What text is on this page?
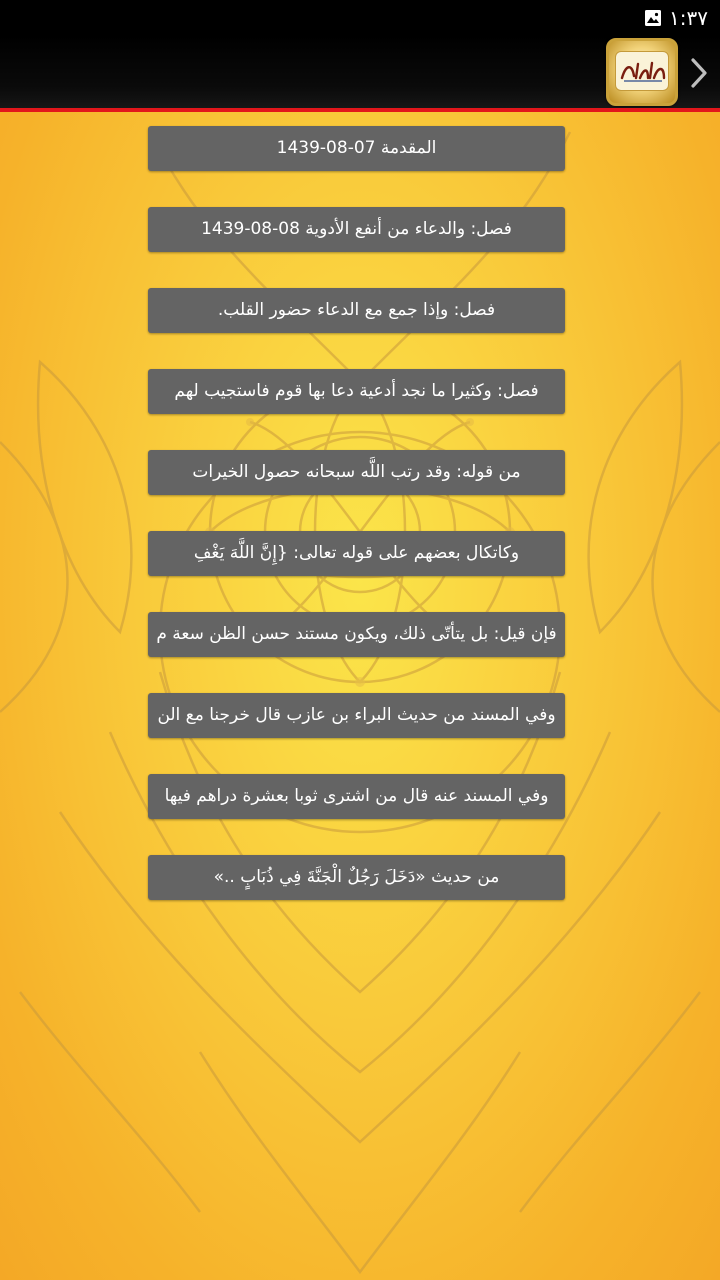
١:٣٧
المقدمة 07-08-1439
فصل: والدعاء من أنفع الأدوية 08-08-1439
فصل: وإذا جمع مع الدعاء حضور القلب.
فصل: وكثيرا ما نجد أدعية دعا بها قوم فاستجيب لهم
من قوله: وقد رتب اللَّه سبحانه حصول الخيرات
وكاتكال بعضهم على قوله تعالى: {إِنَّ اللَّهَ يَغْفِ
فإن قيل: بل يتأتّى ذلك، ويكون مستند حسن الظن سعة م
وفي المسند من حديث البراء بن عازب قال خرجنا مع الن
وفي المسند عنه قال من اشترى ثوبا بعشرة دراهم فيها
من حديث «دَخَلَ رَجُلٌ الْجَنَّةَ فِي ذُبَابٍ ..»
